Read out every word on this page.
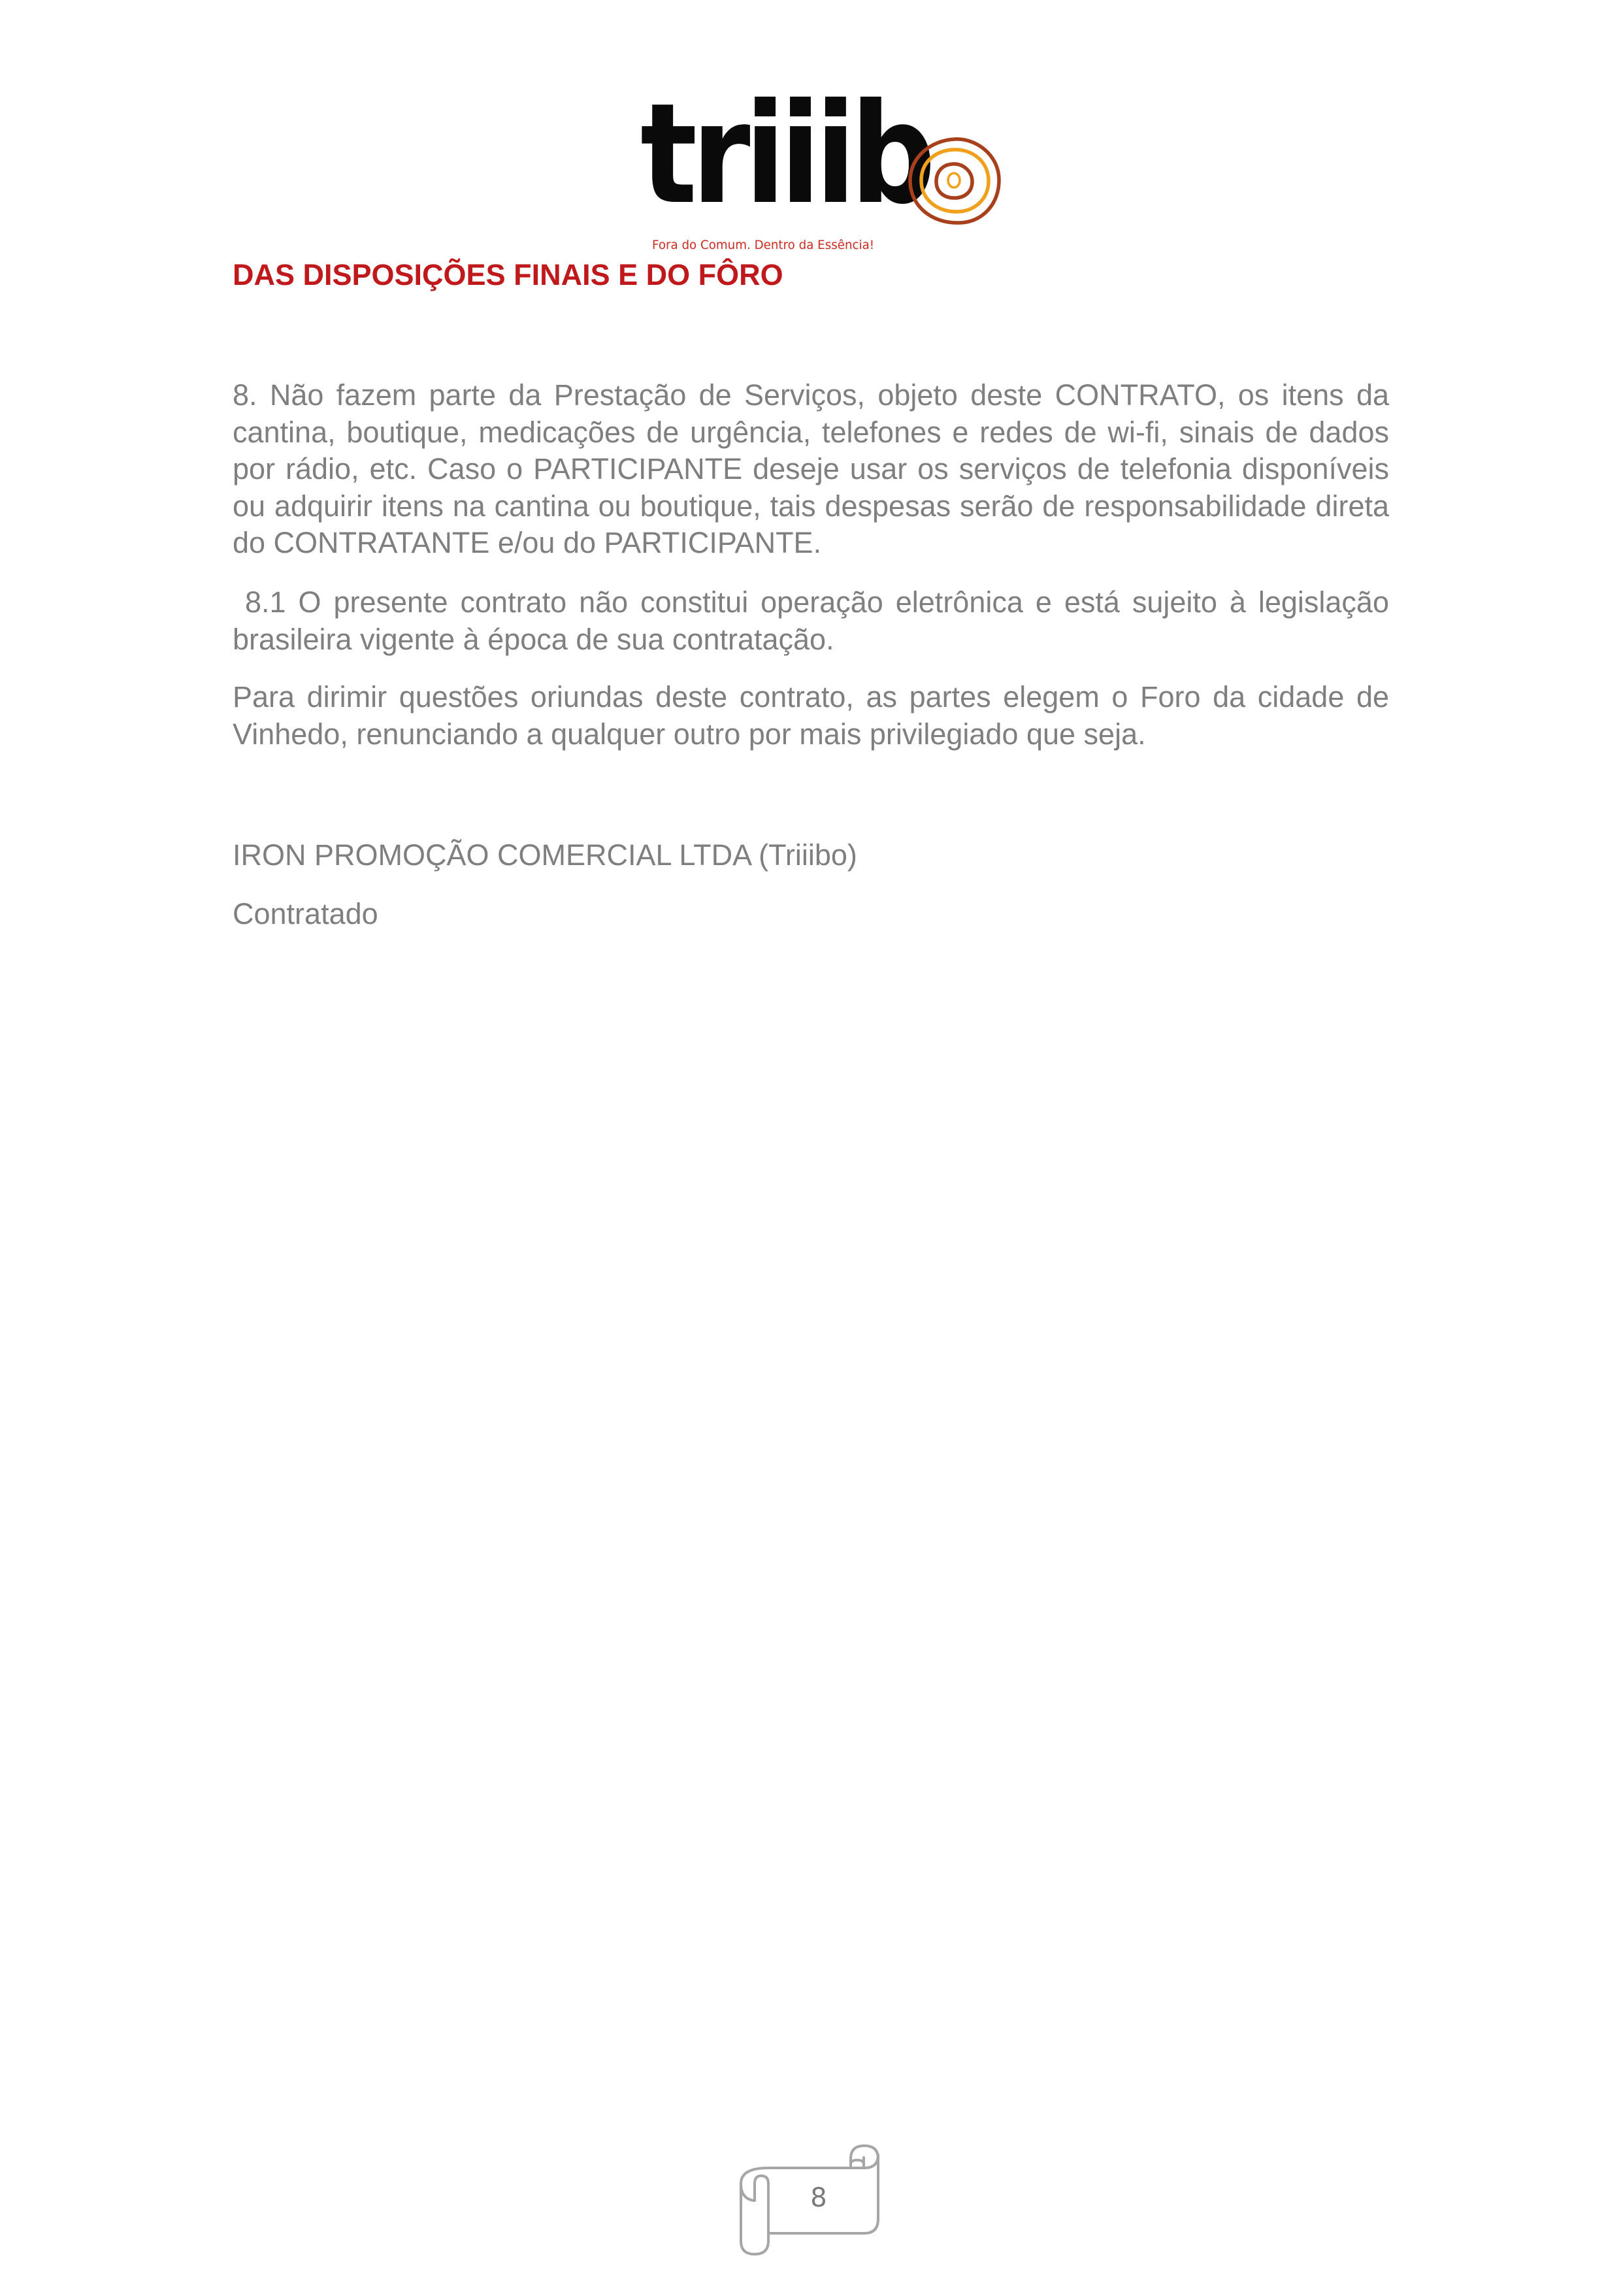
triiib
Fora do Comum. Dentro da Essência!
DAS DISPOSIÇÕES FINAIS E DO FÔRO

8. Não fazem parte da Prestação de Serviços, objeto deste CONTRATO, os itens da cantina, boutique, medicações de urgência, telefones e redes de wi-fi, sinais de dados por rádio, etc. Caso o PARTICIPANTE deseje usar os serviços de telefonia disponíveis ou adquirir itens na cantina ou boutique, tais despesas serão de responsabilidade direta do CONTRATANTE e/ou do PARTICIPANTE.

8.1 O presente contrato não constitui operação eletrônica e está sujeito à legislação brasileira vigente à época de sua contratação.

Para dirimir questões oriundas deste contrato, as partes elegem o Foro da cidade de Vinhedo, renunciando a qualquer outro por mais privilegiado que seja.

IRON PROMOÇÃO COMERCIAL LTDA (Triiibo)

Contratado

8
